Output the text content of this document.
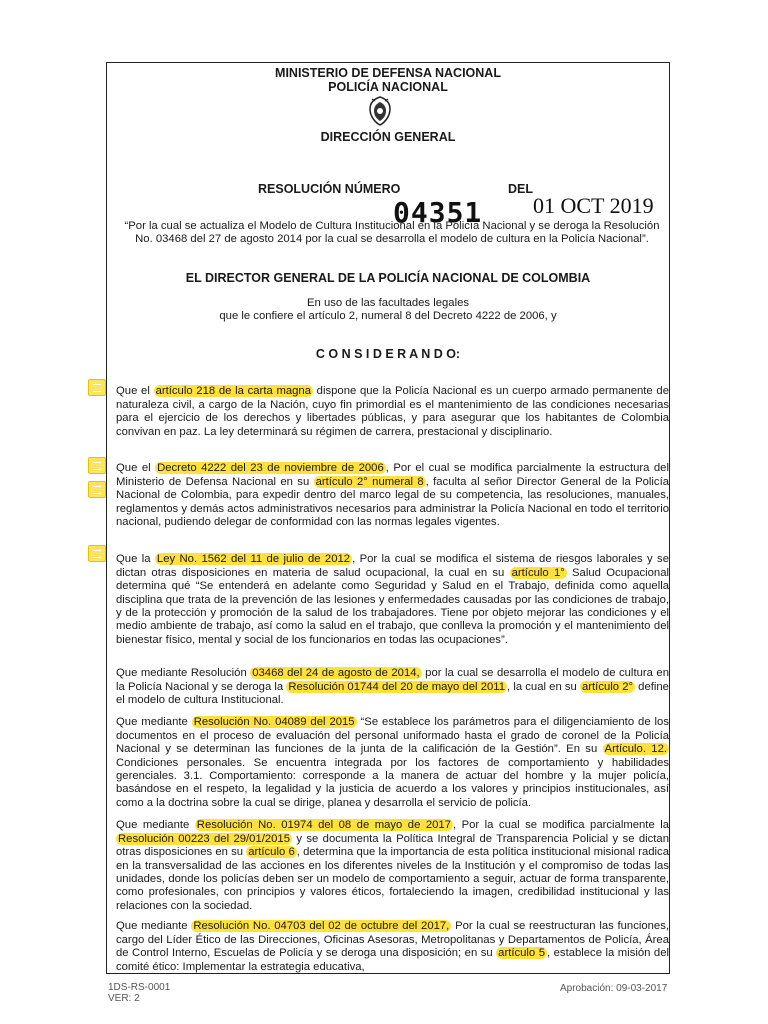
MINISTERIO DE DEFENSA NACIONAL
POLICÍA NACIONAL
DIRECCIÓN GENERAL
RESOLUCIÓN NÚMERO	DEL
04351 01 OCT 2019
“Por la cual se actualiza el Modelo de Cultura Institucional en la Policía Nacional y se deroga la Resolución No. 03468 del 27 de agosto 2014 por la cual se desarrolla el modelo de cultura en la Policía Nacional”.
EL DIRECTOR GENERAL DE LA POLICÍA NACIONAL DE COLOMBIA
En uso de las facultades legales
que le confiere el artículo 2, numeral 8 del Decreto 4222 de 2006, y
C O N S I D E R A N D O:

Que el artículo 218 de la carta magna dispone que la Policía Nacional es un cuerpo armado permanente de naturaleza civil, a cargo de la Nación, cuyo fin primordial es el mantenimiento de las condiciones necesarias para el ejercicio de los derechos y libertades públicas, y para asegurar que los habitantes de Colombia convivan en paz. La ley determinará su régimen de carrera, prestacional y disciplinario.

Que el Decreto 4222 del 23 de noviembre de 2006 , Por el cual se modifica parcialmente la estructura del Ministerio de Defensa Nacional en su artículo 2° numeral 8 , faculta al señor Director General de la Policía Nacional de Colombia, para expedir dentro del marco legal de su competencia, las resoluciones, manuales, reglamentos y demás actos administrativos necesarios para administrar la Policía Nacional en todo el territorio nacional, pudiendo delegar de conformidad con las normas legales vigentes.

Que la Ley No. 1562 del 11 de julio de 2012 , Por la cual se modifica el sistema de riesgos laborales y se dictan otras disposiciones en materia de salud ocupacional, la cual en su artículo 1° Salud Ocupacional determina qué “Se entenderá en adelante como Seguridad y Salud en el Trabajo, definida como aquella disciplina que trata de la prevención de las lesiones y enfermedades causadas por las condiciones de trabajo, y de la protección y promoción de la salud de los trabajadores. Tiene por objeto mejorar las condiciones y el medio ambiente de trabajo, así como la salud en el trabajo, que conlleva la promoción y el mantenimiento del bienestar físico, mental y social de los funcionarios en todas las ocupaciones”.

Que mediante Resolución 03468 del 24 de agosto de 2014, por la cual se desarrolla el modelo de cultura en la Policía Nacional y se deroga la Resolución 01744 del 20 de mayo del 2011 , la cual en su artículo 2° define el modelo de cultura Institucional.

Que mediante Resolución No. 04089 del 2015 “Se establece los parámetros para el diligenciamiento de los documentos en el proceso de evaluación del personal uniformado hasta el grado de coronel de la Policía Nacional y se determinan las funciones de la junta de la calificación de la Gestión”. En su Artículo. 12. Condiciones personales. Se encuentra integrada por los factores de comportamiento y habilidades gerenciales. 3.1. Comportamiento: corresponde a la manera de actuar del hombre y la mujer policía, basándose en el respeto, la legalidad y la justicia de acuerdo a los valores y principios institucionales, así como a la doctrina sobre la cual se dirige, planea y desarrolla el servicio de policía.

Que mediante Resolución No. 01974 del 08 de mayo de 2017 , Por la cual se modifica parcialmente la Resolución 00223 del 29/01/2015 y se documenta la Política Integral de Transparencia Policial y se dictan otras disposiciones en su artículo 6 , determina que la importancia de esta política institucional misional radica en la transversalidad de las acciones en los diferentes niveles de la Institución y el compromiso de todas las unidades, donde los policías deben ser un modelo de comportamiento a seguir, actuar de forma transparente, como profesionales, con principios y valores éticos, fortaleciendo la imagen, credibilidad institucional y las relaciones con la sociedad.

Que mediante Resolución No. 04703 del 02 de octubre del 2017, Por la cual se reestructuran las funciones, cargo del Líder Ético de las Direcciones, Oficinas Asesoras, Metropolitanas y Departamentos de Policía, Área de Control Interno, Escuelas de Policía y se deroga una disposición; en su artículo 5 , establece la misión del comité ético: Implementar la estrategia educativa,

1DS-RS-0001
VER: 2
Aprobación: 09-03-2017
